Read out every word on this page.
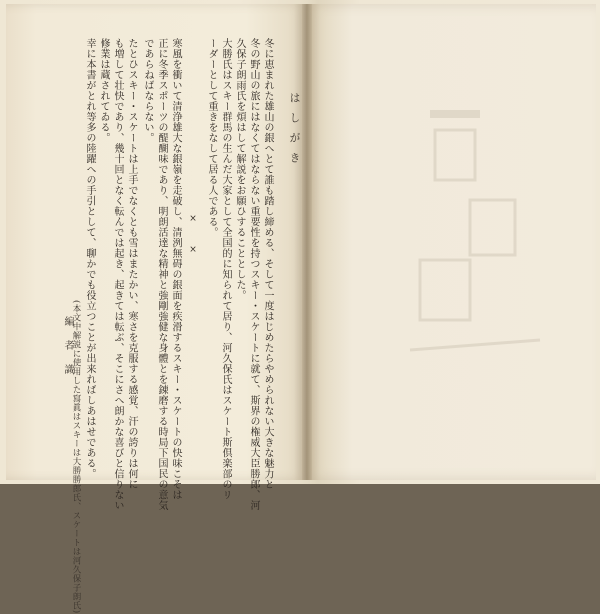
はしがき
冬に恵まれた雄山の銀へとて誰も踏し締める、そして一度はじめたらやめられない大きな魅力と
冬の野山の旅にはなくてはならない重要性を持つスキー・スケートに就て、斯界の権威大臣勝郎、河
久保子朗雨氏を煩はして解説をお願ひすることとした。
大勝氏はスキー群馬の生んだ大家として全国的に知られて居り、河久保氏はスケート斯倶楽部のリ
ーダーとして重きをなして居る人である。
×
×
寒風を衝いて清浄雄大な銀嶺を走破し、清洌無碍の銀面を疾滑するスキー・スケートの快味こそは
正に冬季スポーツの醍醐味であり、明朗活達な精神と強剛強健な身體とを錬磨する時局下国民の意気
であらねばならない。
たとひスキー・スケートは上手でなくとも雪はまたかい、寒さを克服する感覚、汗の誇りは何に
も増して壮快であり、幾十回となく転んでは起き、起きては転ぶ、そこにさへ朗かな喜びと信りない
修業は蔵されてゐる。
幸に本書がとれ等多の陸躍への手引として、聊かでも役立つことが出来ればしあはせである。
(本文中解説に使用した寫眞はスキーは大勝勝郎氏、スケートは河久保子朗氏)
編者識
